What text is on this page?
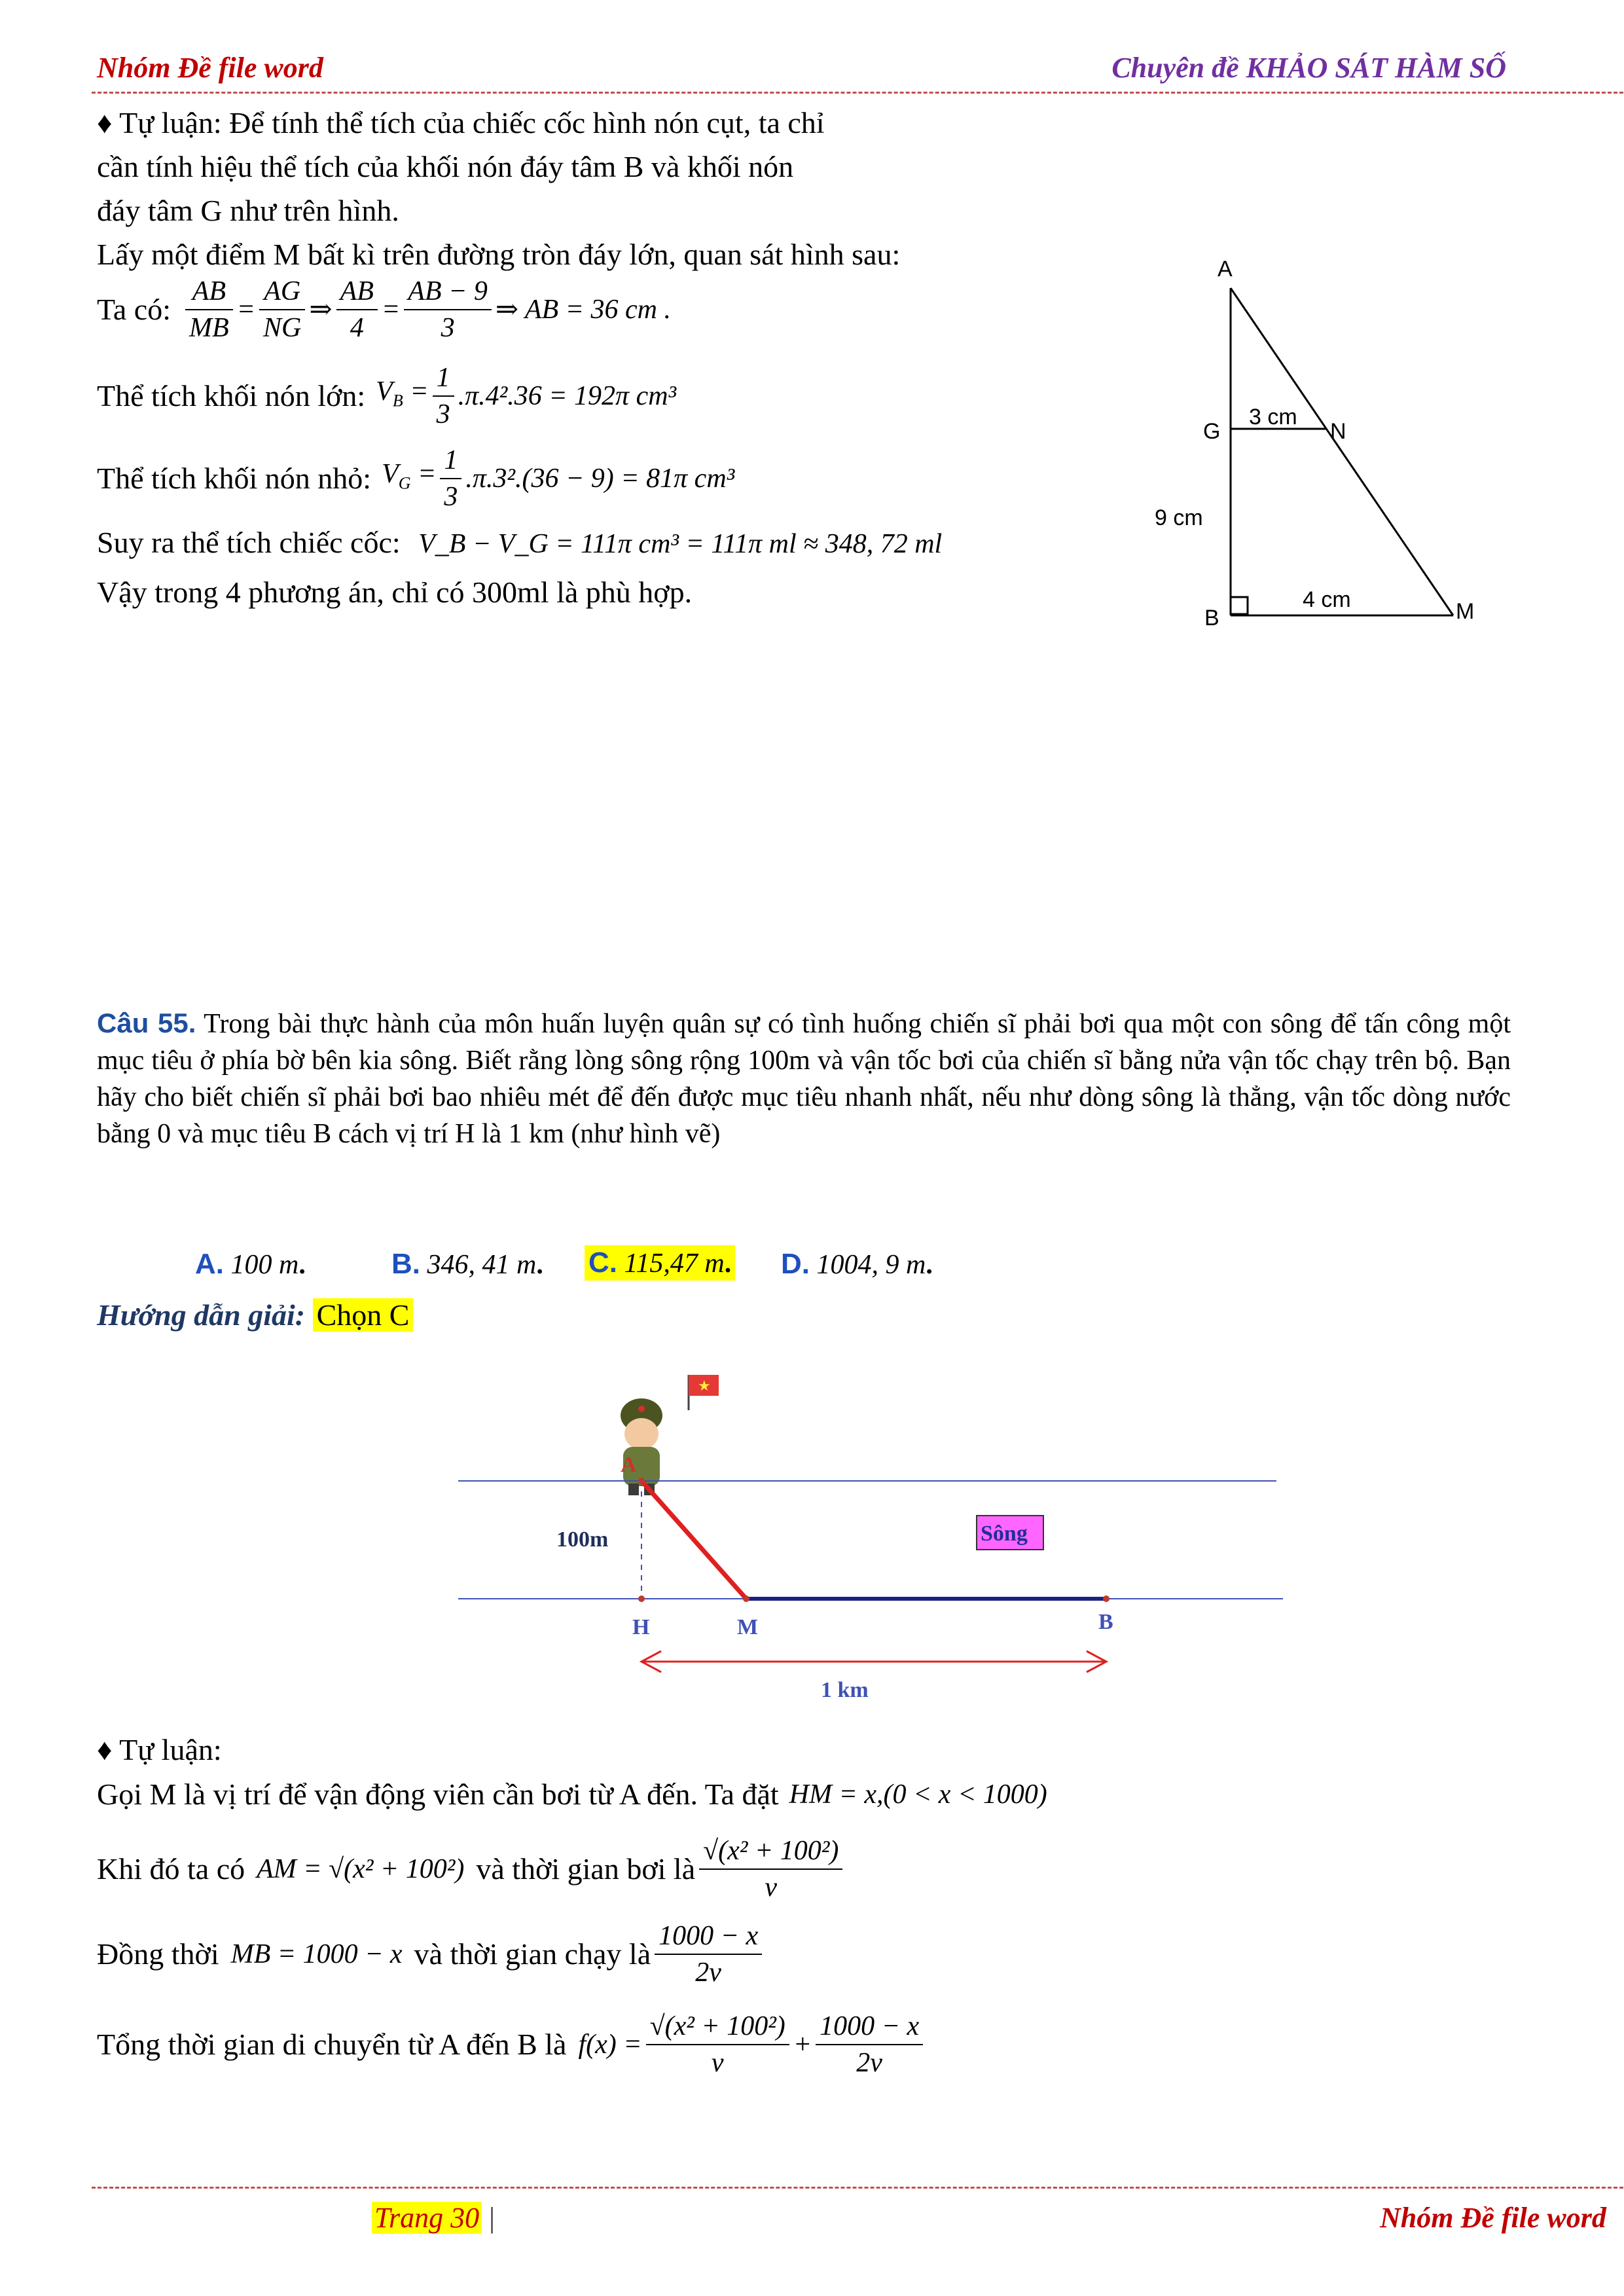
Nhóm Đề file word	Chuyên đề KHẢO SÁT HÀM SỐ
♦ Tự luận: Để tính thể tích của chiếc cốc hình nón cụt, ta chỉ
cần tính hiệu thể tích của khối nón đáy tâm B và khối nón
đáy tâm G như trên hình.
Lấy một điểm M bất kì trên đường tròn đáy lớn, quan sát hình sau:
Ta có: $\frac{AB}{MB} = \frac{AG}{NG}$ ⇒ $\frac{AB}{4} = \frac{AB - 9}{3}$ ⇒ AB = 36 cm .
Thể tích khối nón lớn: $V_B = \frac{1}{3} .\pi.4^2.36 = 192\pi$ cm³
Thể tích khối nón nhỏ: $V_G = \frac{1}{3} .\pi.3^2.(36 - 9) = 81\pi$ cm³
Suy ra thể tích chiếc cốc: V_B − V_G = 111π cm³ = 111π ml ≈ 348, 72 ml
Vậy trong 4 phương án, chỉ có 300ml là phù hợp.
A
G	N
B	M
3 cm
9 cm
4 cm
Câu 55. Trong bài thực hành của môn huấn luyện quân sự có tình huống chiến sĩ phải bơi qua một con sông để tấn công một mục tiêu ở phía bờ bên kia sông. Biết rằng lòng sông rộng 100m và vận tốc bơi của chiến sĩ bằng nửa vận tốc chạy trên bộ. Bạn hãy cho biết chiến sĩ phải bơi bao nhiêu mét để đến được mục tiêu nhanh nhất, nếu như dòng sông là thẳng, vận tốc dòng nước bằng 0 và mục tiêu B cách vị trí H là 1 km (như hình vẽ)
A. 100 m.	B. 346, 41 m. C. 115,47 m. D. 1004, 9 m.
Hướng dẫn giải: Chọn C
★
A
100m	Sông
H	M	B
1 km
♦ Tự luận:
Gọi M là vị trí để vận động viên cần bơi từ A đến. Ta đặt HM = x,(0 < x < 1000)
Khi đó ta có AM = √(x² + 100²) và thời gian bơi là $\frac{\text{√(x² + 100²)}}{v}$
Đồng thời MB = 1000 − x và thời gian chạy là $\frac{1000 - x}{2v}$
Tổng thời gian di chuyển từ A đến B là $f(x) = \frac{\text{√(x² + 100²)}}{v} + \frac{1000 - x}{2v}$
Trang 30 |	Nhóm Đề file word
